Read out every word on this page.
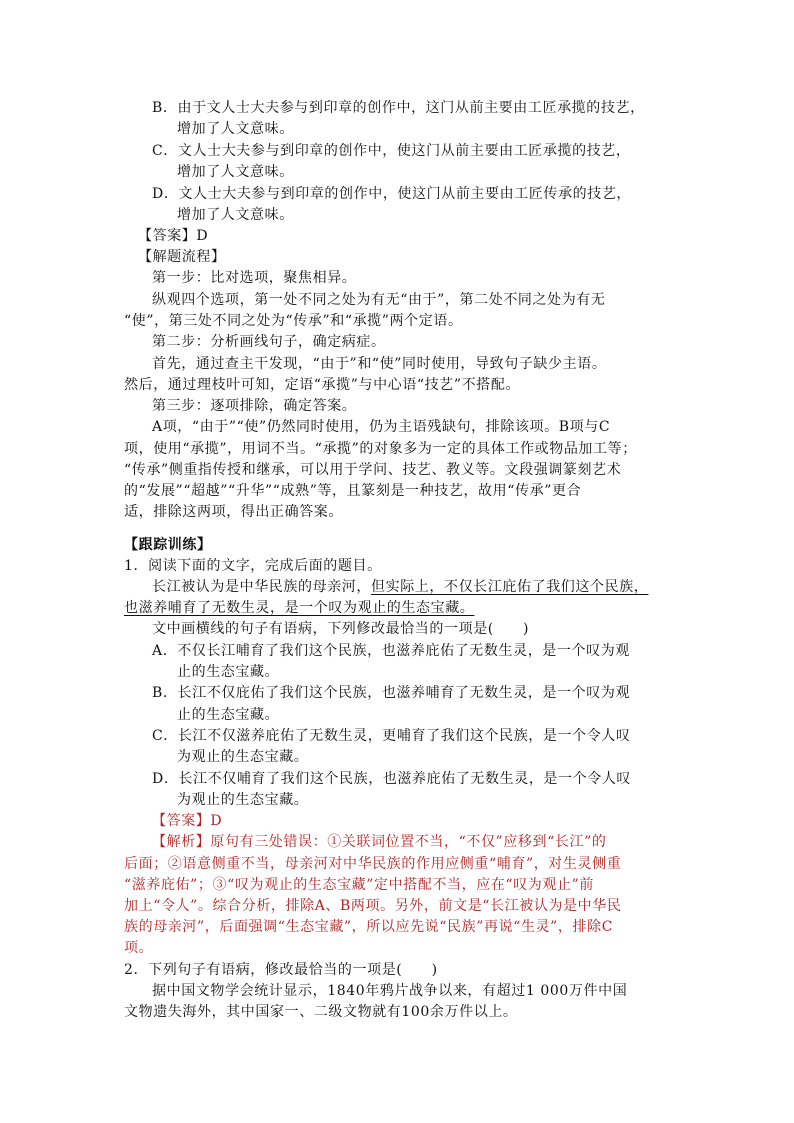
B．由于文人士大夫参与到印章的创作中，这门从前主要由工匠承揽的技艺，
增加了人文意味。
C．文人士大夫参与到印章的创作中，使这门从前主要由工匠承揽的技艺，
增加了人文意味。
D．文人士大夫参与到印章的创作中，使这门从前主要由工匠传承的技艺，
增加了人文意味。
【答案】D
【解题流程】
第一步：比对选项，聚焦相异。
纵观四个选项，第一处不同之处为有无“由于”，第二处不同之处为有无
“使”，第三处不同之处为“传承”和“承揽”两个定语。
第二步：分析画线句子，确定病症。
首先，通过查主干发现，“由于”和“使”同时使用，导致句子缺少主语。
然后，通过理枝叶可知，定语“承揽”与中心语“技艺”不搭配。
第三步：逐项排除，确定答案。
A项，“由于”“使”仍然同时使用，仍为主语残缺句，排除该项。B项与C
项，使用“承揽”，用词不当。“承揽”的对象多为一定的具体工作或物品加工等；
“传承”侧重指传授和继承，可以用于学问、技艺、教义等。文段强调篆刻艺术
的“发展”“超越”“升华”“成熟”等，且篆刻是一种技艺，故用“传承”更合
适，排除这两项，得出正确答案。
【跟踪训练】
1．阅读下面的文字，完成后面的题目。
长江被认为是中华民族的母亲河，但实际上，不仅长江庇佑了我们这个民族，
也滋养哺育了无数生灵，是一个叹为观止的生态宝藏。
文中画横线的句子有语病，下列修改最恰当的一项是(　　)
A．不仅长江哺育了我们这个民族，也滋养庇佑了无数生灵，是一个叹为观
止的生态宝藏。
B．长江不仅庇佑了我们这个民族，也滋养哺育了无数生灵，是一个叹为观
止的生态宝藏。
C．长江不仅滋养庇佑了无数生灵，更哺育了我们这个民族，是一个令人叹
为观止的生态宝藏。
D．长江不仅哺育了我们这个民族，也滋养庇佑了无数生灵，是一个令人叹
为观止的生态宝藏。
【答案】D
【解析】原句有三处错误：①关联词位置不当，“不仅”应移到“长江”的
后面；②语意侧重不当，母亲河对中华民族的作用应侧重“哺育”，对生灵侧重
“滋养庇佑”；③“叹为观止的生态宝藏”定中搭配不当，应在“叹为观止”前
加上“令人”。综合分析，排除A、B两项。另外，前文是“长江被认为是中华民
族的母亲河”，后面强调“生态宝藏”，所以应先说“民族”再说“生灵”，排除C
项。
2．下列句子有语病，修改最恰当的一项是(　　)
据中国文物学会统计显示，1840年鸦片战争以来，有超过1 000万件中国
文物遗失海外，其中国家一、二级文物就有100余万件以上。
